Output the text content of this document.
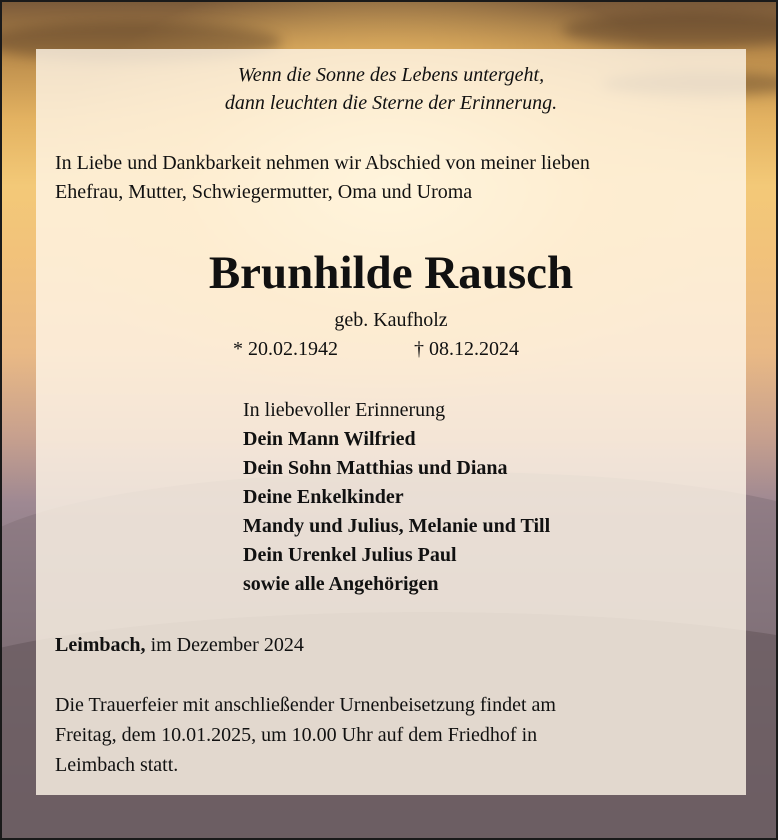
Wenn die Sonne des Lebens untergeht,
dann leuchten die Sterne der Erinnerung.
In Liebe und Dankbarkeit nehmen wir Abschied von meiner lieben
Ehefrau, Mutter, Schwiegermutter, Oma und Uroma
Brunhilde Rausch
geb. Kaufholz
* 20.02.1942	† 08.12.2024
In liebevoller Erinnerung
Dein Mann Wilfried
Dein Sohn Matthias und Diana
Deine Enkelkinder
Mandy und Julius, Melanie und Till
Dein Urenkel Julius Paul
sowie alle Angehörigen
Leimbach, im Dezember 2024
Die Trauerfeier mit anschließender Urnenbeisetzung findet am
Freitag, dem 10.01.2025, um 10.00 Uhr auf dem Friedhof in
Leimbach statt.
